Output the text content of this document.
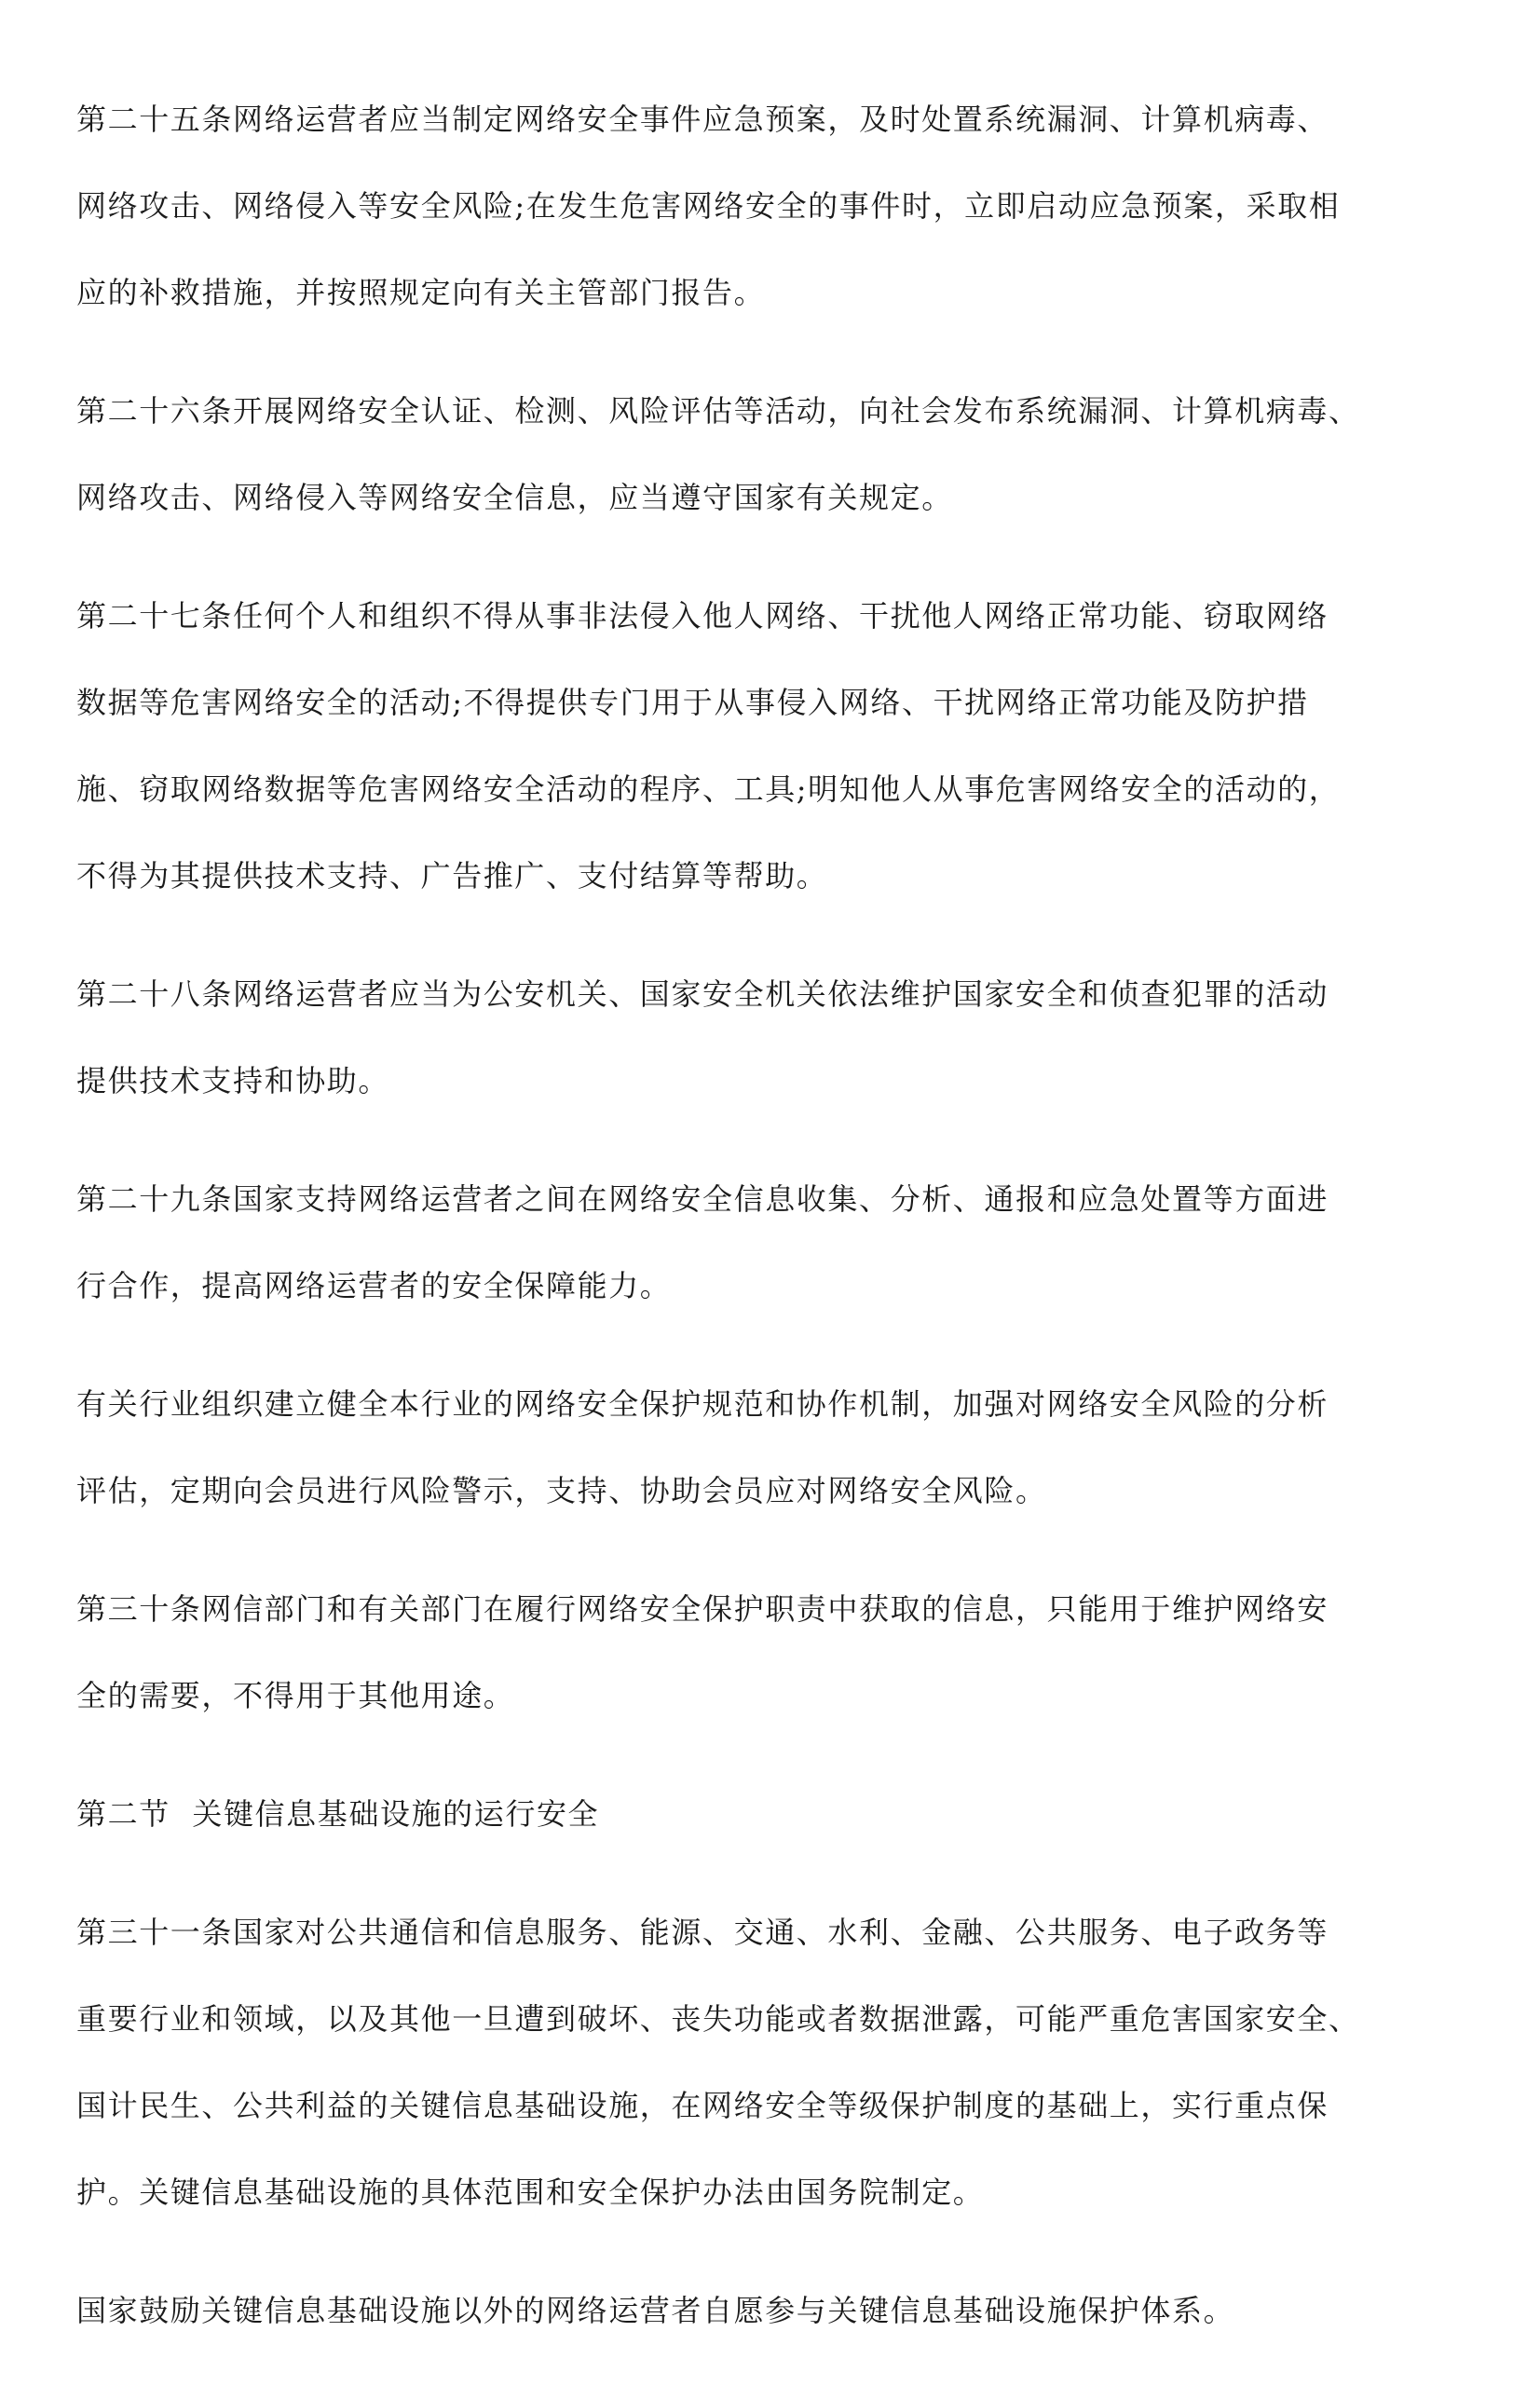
第二十五条网络运营者应当制定网络安全事件应急预案，及时处置系统漏洞、计算机病毒、
网络攻击、网络侵入等安全风险;在发生危害网络安全的事件时，立即启动应急预案，采取相
应的补救措施，并按照规定向有关主管部门报告。
第二十六条开展网络安全认证、检测、风险评估等活动，向社会发布系统漏洞、计算机病毒、
网络攻击、网络侵入等网络安全信息，应当遵守国家有关规定。
第二十七条任何个人和组织不得从事非法侵入他人网络、干扰他人网络正常功能、窃取网络
数据等危害网络安全的活动;不得提供专门用于从事侵入网络、干扰网络正常功能及防护措
施、窃取网络数据等危害网络安全活动的程序、工具;明知他人从事危害网络安全的活动的，
不得为其提供技术支持、广告推广、支付结算等帮助。
第二十八条网络运营者应当为公安机关、国家安全机关依法维护国家安全和侦查犯罪的活动
提供技术支持和协助。
第二十九条国家支持网络运营者之间在网络安全信息收集、分析、通报和应急处置等方面进
行合作，提高网络运营者的安全保障能力。
有关行业组织建立健全本行业的网络安全保护规范和协作机制，加强对网络安全风险的分析
评估，定期向会员进行风险警示，支持、协助会员应对网络安全风险。
第三十条网信部门和有关部门在履行网络安全保护职责中获取的信息，只能用于维护网络安
全的需要，不得用于其他用途。
第二节  关键信息基础设施的运行安全
第三十一条国家对公共通信和信息服务、能源、交通、水利、金融、公共服务、电子政务等
重要行业和领域，以及其他一旦遭到破坏、丧失功能或者数据泄露，可能严重危害国家安全、
国计民生、公共利益的关键信息基础设施，在网络安全等级保护制度的基础上，实行重点保
护。关键信息基础设施的具体范围和安全保护办法由国务院制定。
国家鼓励关键信息基础设施以外的网络运营者自愿参与关键信息基础设施保护体系。
